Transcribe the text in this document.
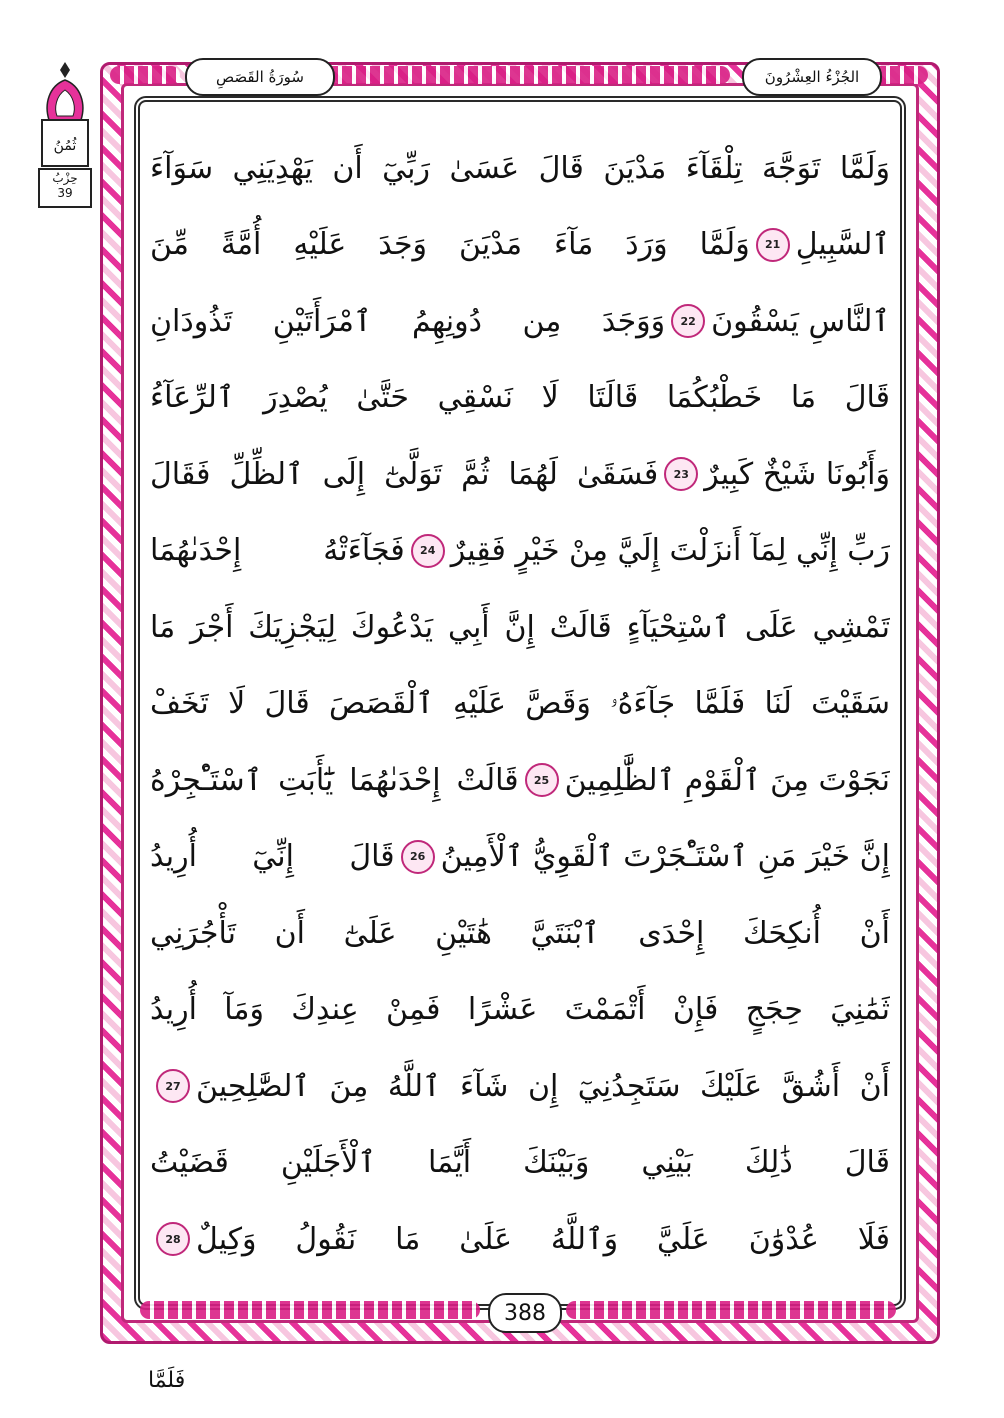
ثُمُنُ
حِزْبُ
39
سُورَةُ القَصَصِ	الجُزْءُ العِشْرُونَ
وَلَمَّا تَوَجَّهَ تِلْقَآءَ مَدْيَنَ قَالَ عَسَىٰ رَبِّيٓ أَن يَهْدِيَنِي سَوَآءَ
ٱلسَّبِيلِ
21
وَلَمَّا وَرَدَ مَآءَ مَدْيَنَ وَجَدَ عَلَيْهِ أُمَّةً مِّنَ
ٱلنَّاسِ يَسْقُونَ
22
وَوَجَدَ مِن دُونِهِمُ ٱمْرَأَتَيْنِ تَذُودَانِ
قَالَ مَا خَطْبُكُمَا قَالَتَا لَا نَسْقِي حَتَّىٰ يُصْدِرَ ٱلرِّعَآءُ
وَأَبُونَا شَيْخٌ كَبِيرٌ
23
فَسَقَىٰ لَهُمَا ثُمَّ تَوَلَّىٰٓ إِلَى ٱلظِّلِّ فَقَالَ
رَبِّ إِنِّي لِمَآ أَنزَلْتَ إِلَيَّ مِنْ خَيْرٍ فَقِيرٌ
24
فَجَآءَتْهُ إِحْدَىٰهُمَا
تَمْشِي عَلَى ٱسْتِحْيَآءٍ قَالَتْ إِنَّ أَبِي يَدْعُوكَ لِيَجْزِيَكَ أَجْرَ مَا
سَقَيْتَ لَنَا فَلَمَّا جَآءَهُۥ وَقَصَّ عَلَيْهِ ٱلْقَصَصَ قَالَ لَا تَخَفْ
نَجَوْتَ مِنَ ٱلْقَوْمِ ٱلظَّٰلِمِينَ
25
قَالَتْ إِحْدَىٰهُمَا يَٰٓأَبَتِ ٱسْتَـْٔجِرْهُ
إِنَّ خَيْرَ مَنِ ٱسْتَـْٔجَرْتَ ٱلْقَوِيُّ ٱلْأَمِينُ
26
قَالَ إِنِّيٓ أُرِيدُ
أَنْ أُنكِحَكَ إِحْدَى ٱبْنَتَيَّ هَٰتَيْنِ عَلَىٰٓ أَن تَأْجُرَنِي
ثَمَٰنِيَ حِجَجٍ فَإِنْ أَتْمَمْتَ عَشْرًا فَمِنْ عِندِكَ وَمَآ أُرِيدُ
أَنْ أَشُقَّ عَلَيْكَ سَتَجِدُنِيٓ إِن شَآءَ ٱللَّهُ مِنَ ٱلصَّٰلِحِينَ
27
قَالَ ذَٰلِكَ بَيْنِي وَبَيْنَكَ أَيَّمَا ٱلْأَجَلَيْنِ قَضَيْتُ
فَلَا عُدْوَٰنَ عَلَيَّ وَٱللَّهُ عَلَىٰ مَا نَقُولُ وَكِيلٌ
28
388
فَلَمَّا
